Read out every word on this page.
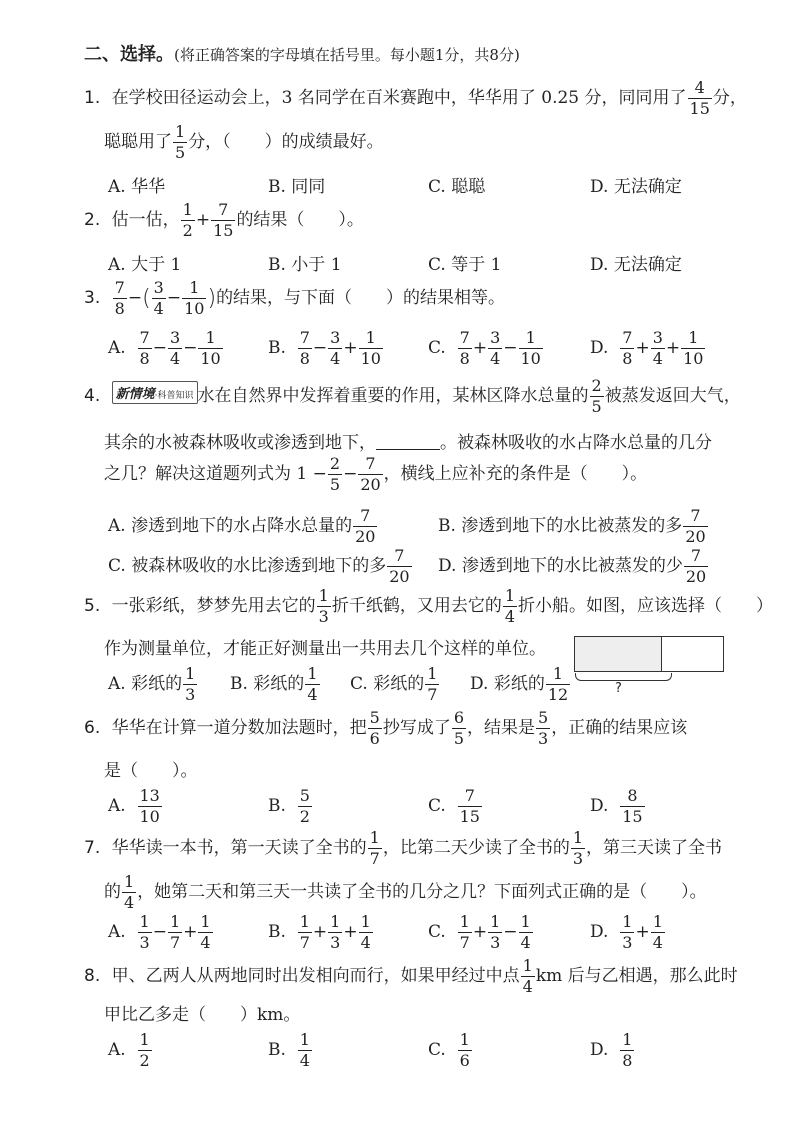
二、选择。(将正确答案的字母填在括号里。每小题1分，共8分)
1. 在学校田径运动会上，3 名同学在百米赛跑中，华华用了 0.25 分，同同用了 $\frac{4}{15}$ 分，
聪聪用了 $\frac{1}{5}$ 分，（　　）的成绩最好。
A. 华华	B. 同同	C. 聪聪	D. 无法确定
2. 估一估， $\frac{1}{2} + \frac{7}{15}$ 的结果（　　）。
A. 大于 1	B. 小于 1	C. 等于 1	D. 无法确定
3. $\frac{7}{8}$ −( $\frac{3}{4} - \frac{1}{10}$ )的结果，与下面（　　）的结果相等。
A. $\frac{7}{8} - \frac{3}{4} - \frac{1}{10}$	B. $\frac{7}{8} - \frac{3}{4} + \frac{1}{10}$	C. $\frac{7}{8} + \frac{3}{4} - \frac{1}{10}$	D. $\frac{7}{8} + \frac{3}{4} + \frac{1}{10}$
4. 新情境·科普知识 水在自然界中发挥着重要的作用，某林区降水总量的 $\frac{2}{5}$ 被蒸发返回大气，
其余的水被森林吸收或渗透到地下，	。被森林吸收的水占降水总量的几分
之几？解决这道题列式为 $1 - \frac{2}{5} - \frac{7}{20}$ ，横线上应补充的条件是（　　）。
A. 渗透到地下的水占降水总量的 $\frac{7}{20}$	B. 渗透到地下的水比被蒸发的多 $\frac{7}{20}$
C. 被森林吸收的水比渗透到地下的多 $\frac{7}{20} D$. 渗透到地下的水比被蒸发的少 $\frac{7}{20}$
5. 一张彩纸，梦梦先用去它的 $\frac{1}{3}$ 折千纸鹤，又用去它的 $\frac{1}{4}$ 折小船。如图，应该选择（　　）
作为测量单位，才能正好测量出一共用去几个这样的单位。
?
A. 彩纸的 $\frac{1}{3} B$. 彩纸的 $\frac{1}{4} C$. 彩纸的 $\frac{1}{7} D$. 彩纸的 $\frac{1}{12}$
6. 华华在计算一道分数加法题时，把 $\frac{5}{6}$ 抄写成了 $\frac{6}{5}$ ，结果是 $\frac{5}{3}$ ，正确的结果应该
是（　　）。
A. $\frac{13}{10}$	B. $\frac{5}{2}$	C. $\frac{7}{15}$	D. $\frac{8}{15}$
7. 华华读一本书，第一天读了全书的 $\frac{1}{7}$ ，比第二天少读了全书的 $\frac{1}{3}$ ，第三天读了全书
的 $\frac{1}{4}$ ，她第二天和第三天一共读了全书的几分之几？下面列式正确的是（　　）。
A. $\frac{1}{3} - \frac{1}{7} + \frac{1}{4}$	B. $\frac{1}{7} + \frac{1}{3} + \frac{1}{4}$	C. $\frac{1}{7} + \frac{1}{3} - \frac{1}{4}$	D. $\frac{1}{3} + \frac{1}{4}$
8. 甲、乙两人从两地同时出发相向而行，如果甲经过中点 $\frac{1}{4}$ km 后与乙相遇，那么此时
甲比乙多走（　　）km。
A. $\frac{1}{2}$	B. $\frac{1}{4}$	C. $\frac{1}{6}$	D. $\frac{1}{8}$
